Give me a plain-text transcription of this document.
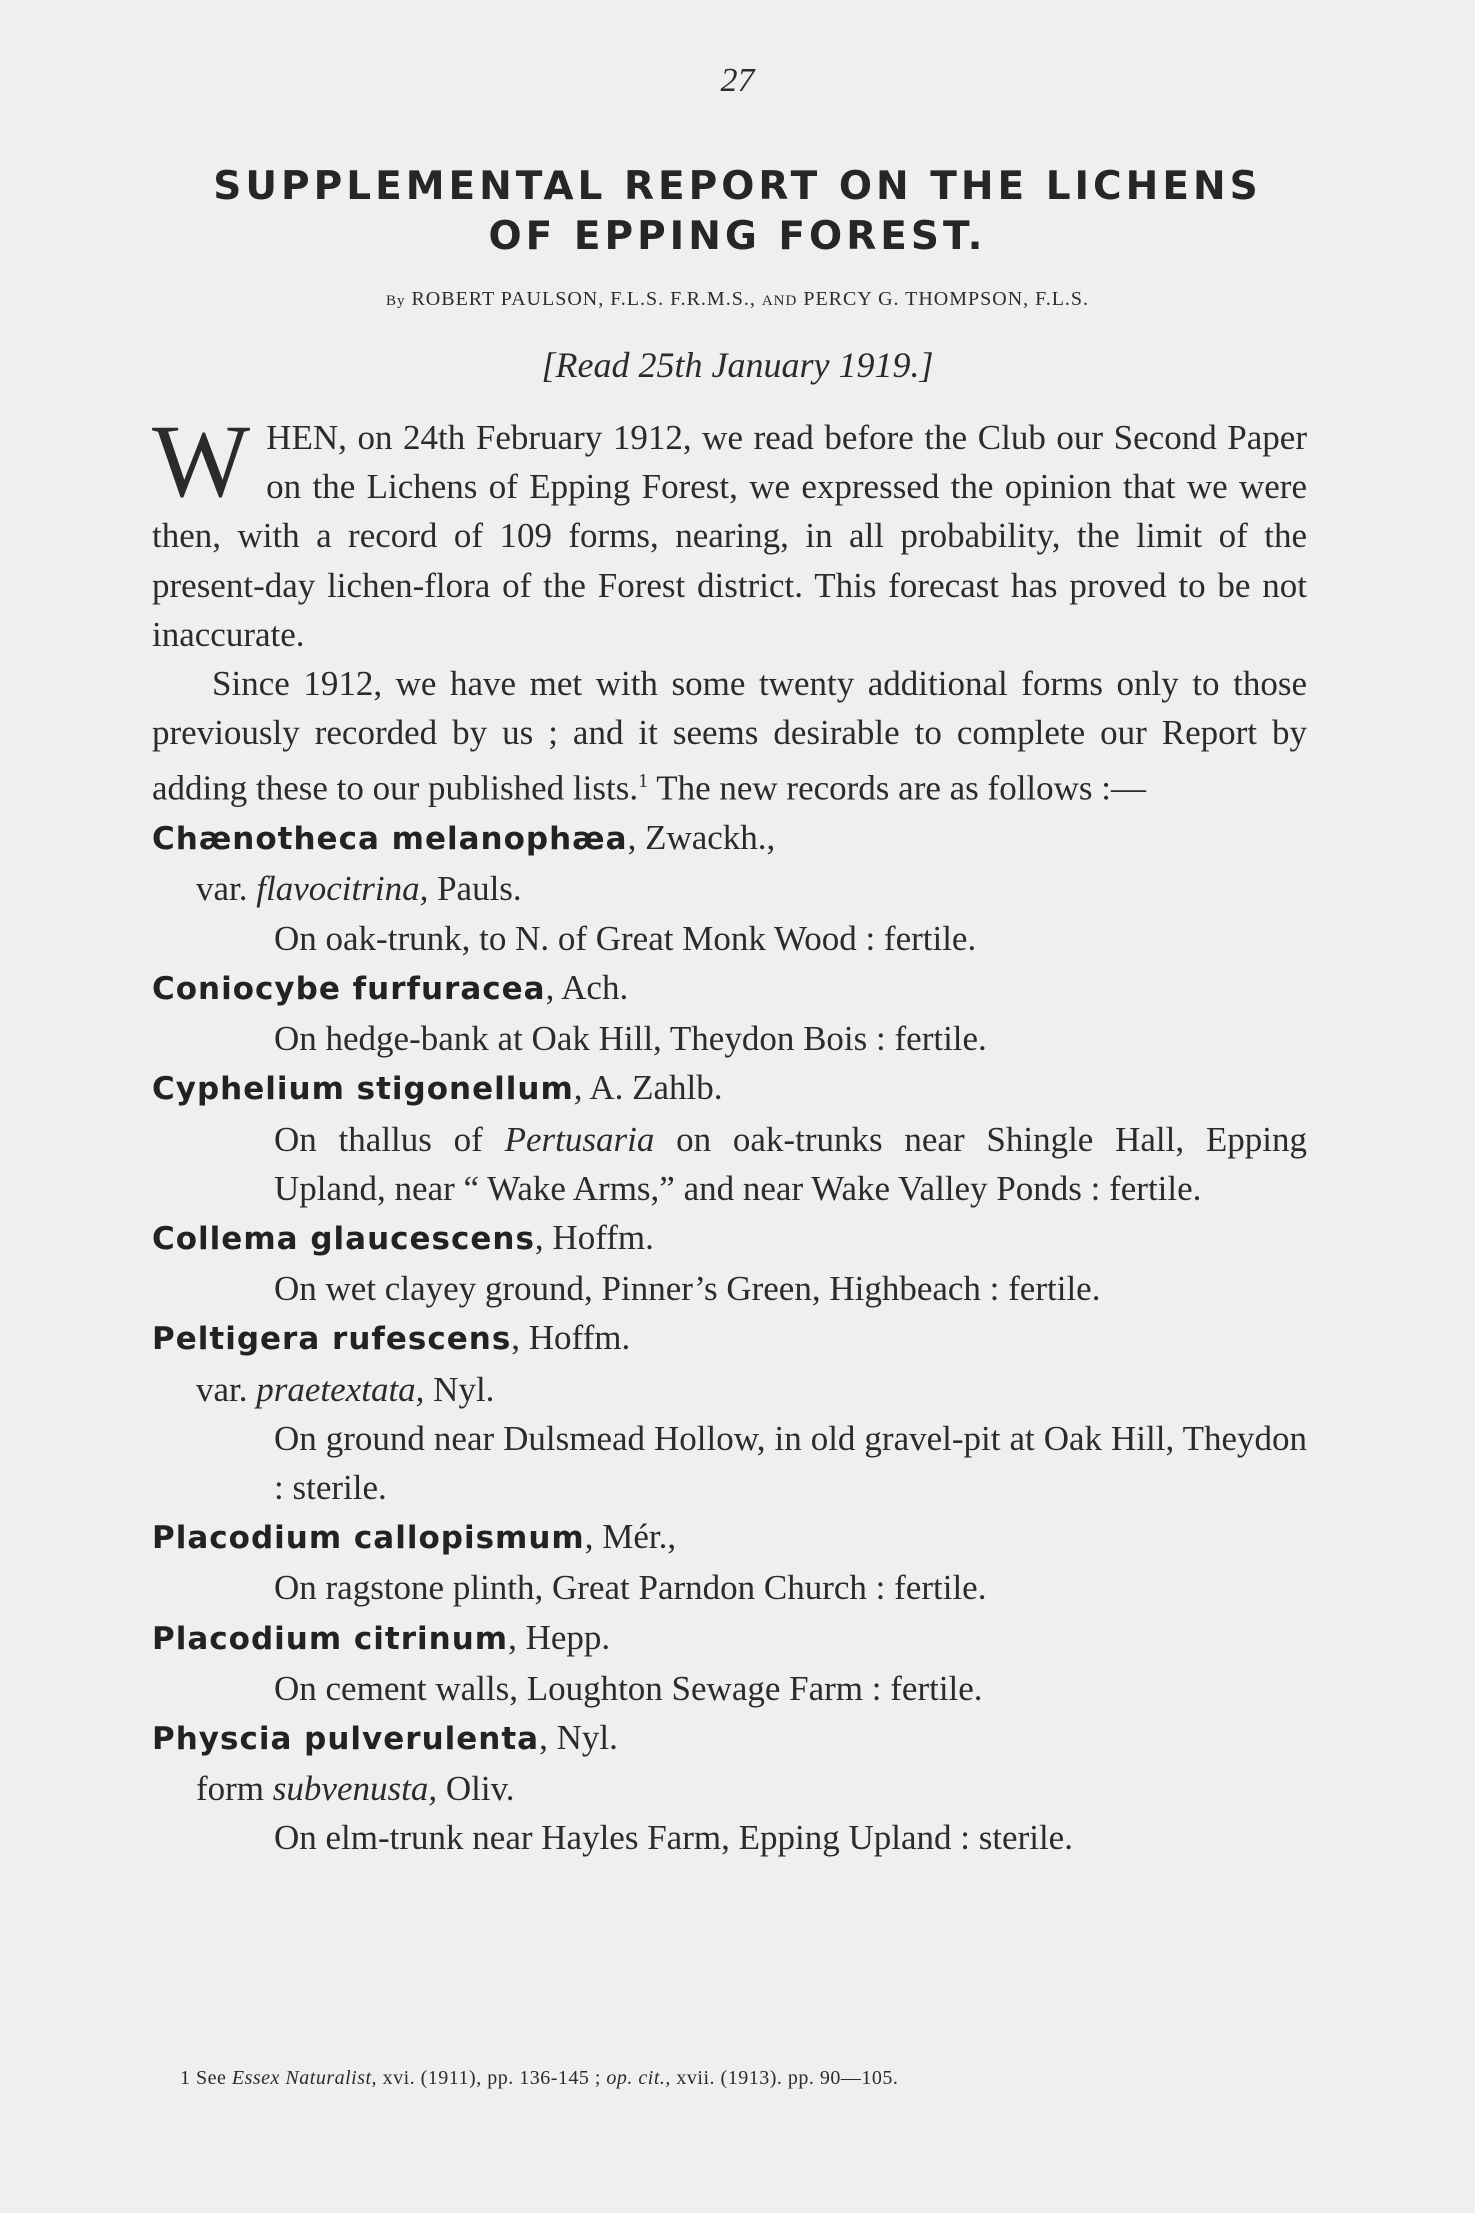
27
SUPPLEMENTAL REPORT ON THE LICHENS
OF EPPING FOREST.
By ROBERT PAULSON, F.L.S. F.R.M.S., AND PERCY G. THOMPSON, F.L.S.
[Read 25th January 1919.]

WHEN, on 24th February 1912, we read before the Club our Second Paper on the Lichens of Epping Forest, we expressed the opinion that we were then, with a record of 109 forms, nearing, in all probability, the limit of the present-day lichen-flora of the Forest district. This forecast has proved to be not inaccurate.

Since 1912, we have met with some twenty additional forms only to those previously recorded by us ; and it seems desirable to complete our Report by adding these to our published lists.$^1$ The new records are as follows :—

Chænotheca melanophæa, Zwackh.,

var. flavocitrina, Pauls.

On oak-trunk, to N. of Great Monk Wood : fertile.

Coniocybe furfuracea, Ach.

On hedge-bank at Oak Hill, Theydon Bois : fertile.

Cyphelium stigonellum, A. Zahlb.

On thallus of Pertusaria on oak-trunks near Shingle Hall, Epping Upland, near “ Wake Arms,” and near Wake Valley Ponds : fertile.

Collema glaucescens, Hoffm.

On wet clayey ground, Pinner’s Green, Highbeach : fertile.

Peltigera rufescens, Hoffm.

var. praetextata, Nyl.

On ground near Dulsmead Hollow, in old gravel-pit at Oak Hill, Theydon : sterile.

Placodium callopismum, Mér.,

On ragstone plinth, Great Parndon Church : fertile.

Placodium citrinum, Hepp.

On cement walls, Loughton Sewage Farm : fertile.

Physcia pulverulenta, Nyl.

form subvenusta, Oliv.

On elm-trunk near Hayles Farm, Epping Upland : sterile.

1 See Essex Naturalist, xvi. (1911), pp. 136-145 ; op. cit., xvii. (1913). pp. 90—105.
